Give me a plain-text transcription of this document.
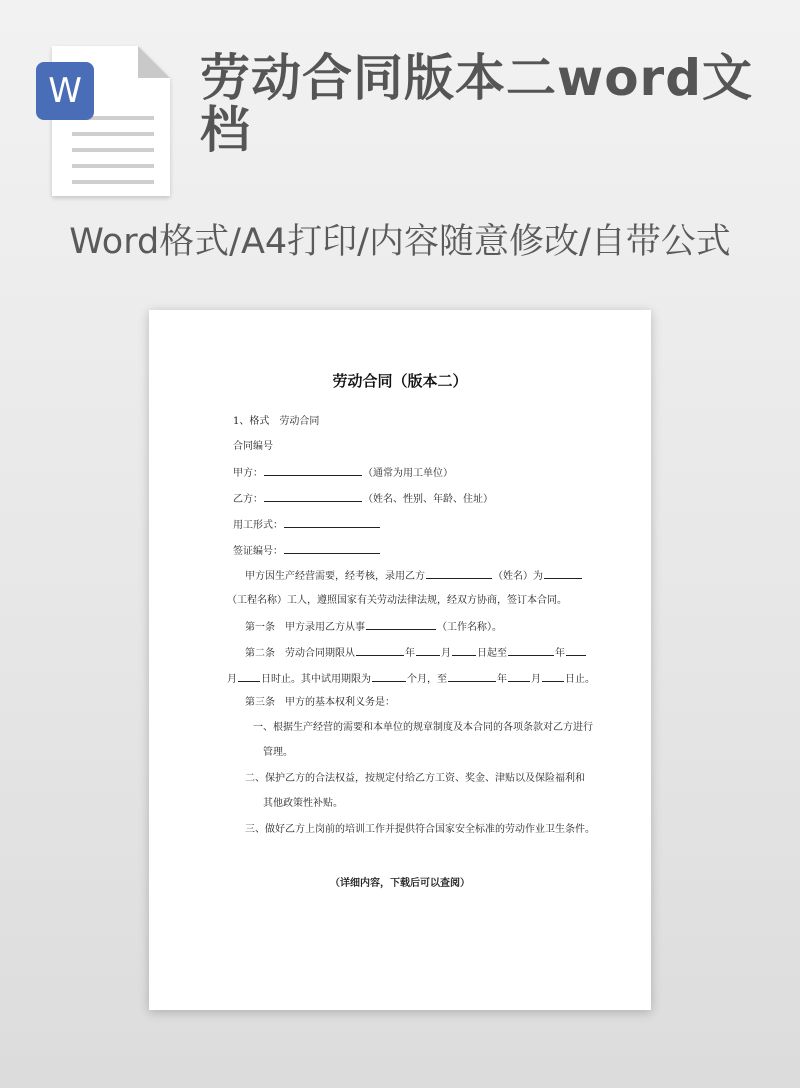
W 劳动合同版本二word文档
Word格式/A4打印/内容随意修改/自带公式
劳动合同（版本二）
1、格式　劳动合同
合同编号
甲方：	（通常为用工单位）
乙方：	（姓名、性别、年龄、住址）
用工形式：
签证编号：
甲方因生产经营需要，经考核，录用乙方	（姓名）为
（工程名称）工人，遵照国家有关劳动法律法规，经双方协商，签订本合同。
第一条　甲方录用乙方从事	（工作名称）。
第二条　劳动合同期限从	年	月	日起至	年
月 日时止。其中试用期限为	个月，至	年 月 日止。
第三条　甲方的基本权利义务是：
一、根据生产经营的需要和本单位的规章制度及本合同的各项条款对乙方进行
管理。
二、保护乙方的合法权益，按规定付给乙方工资、奖金、津贴以及保险福利和
其他政策性补贴。
三、做好乙方上岗前的培训工作并提供符合国家安全标准的劳动作业卫生条件。
（详细内容，下载后可以查阅）
